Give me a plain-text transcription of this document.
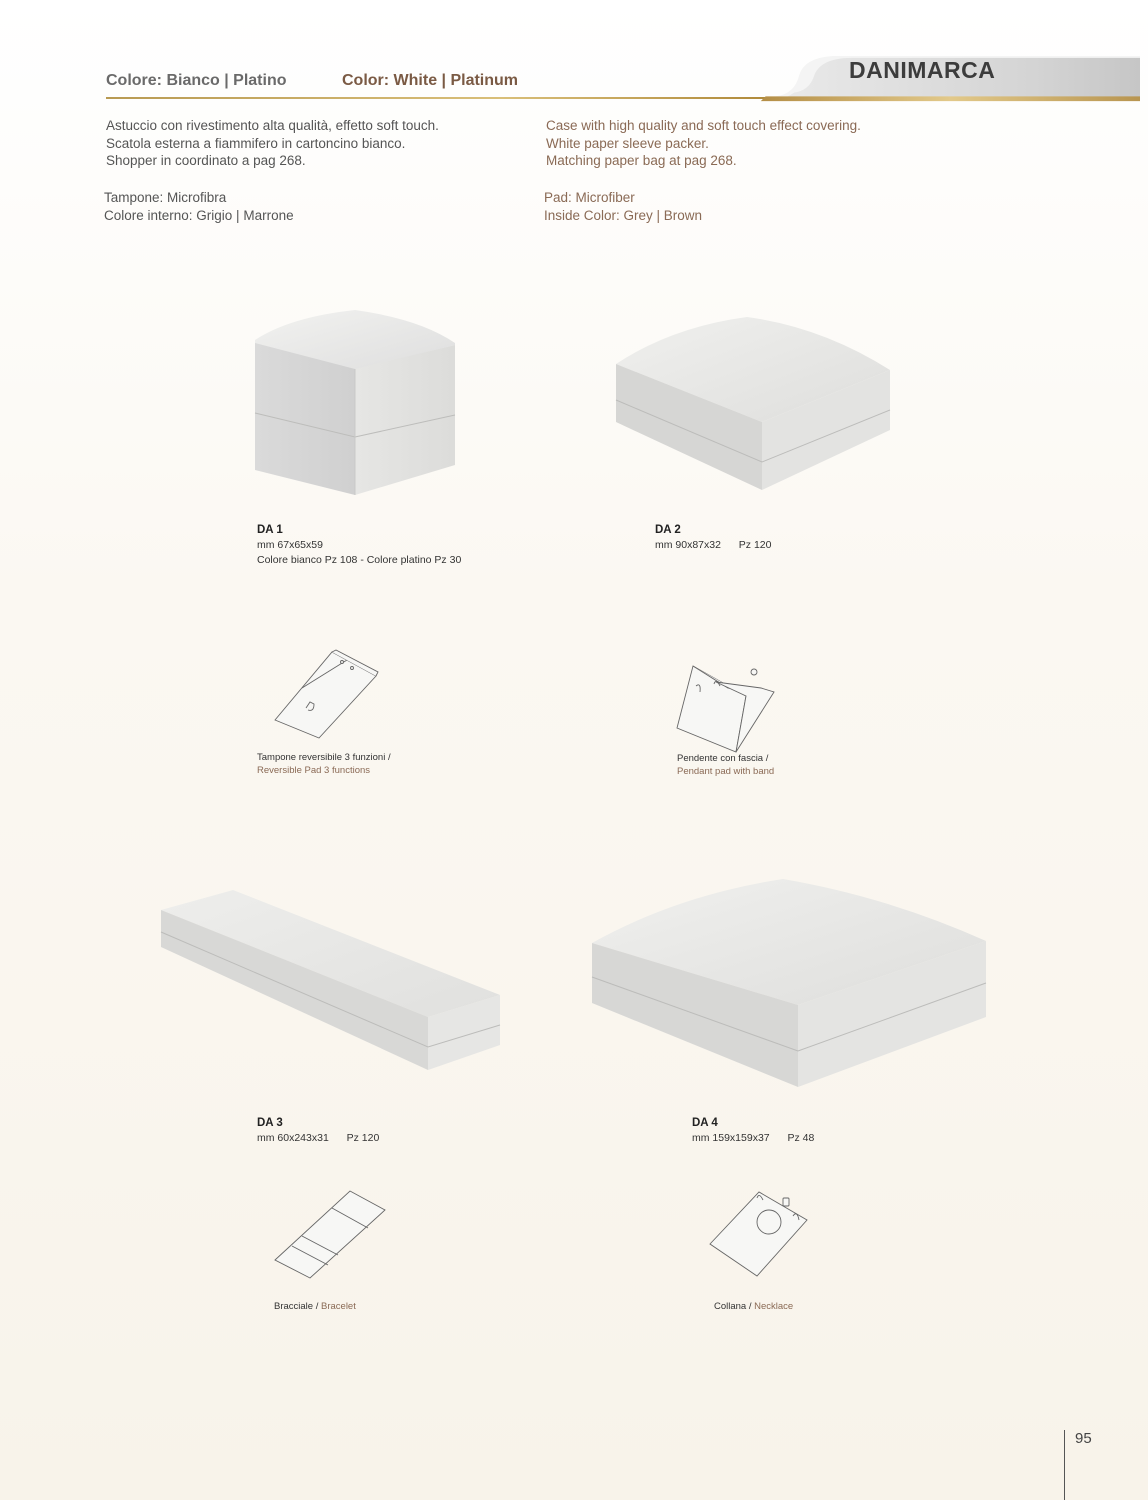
Colore: Bianco | Platino	Color: White | Platinum	DANIMARCA
Astuccio con rivestimento alta qualità, effetto soft touch.
Scatola esterna a fiammifero in cartoncino bianco.
Shopper in coordinato a pag 268.
Case with high quality and soft touch effect covering.
White paper sleeve packer.
Matching paper bag at pag 268.
Tampone: Microfibra
Colore interno: Grigio | Marrone
Pad: Microfiber
Inside Color: Grey | Brown
DA 1
mm 67x65x59
Colore bianco Pz 108 - Colore platino Pz 30
DA 2
mm 90x87x32 Pz 120
DA 3
mm 60x243x31 Pz 120
DA 4
mm 159x159x37 Pz 48
Tampone reversibile 3 funzioni /
Reversible Pad 3 functions
Pendente con fascia /
Pendant pad with band
Bracciale / Bracelet	Collana / Necklace
95
